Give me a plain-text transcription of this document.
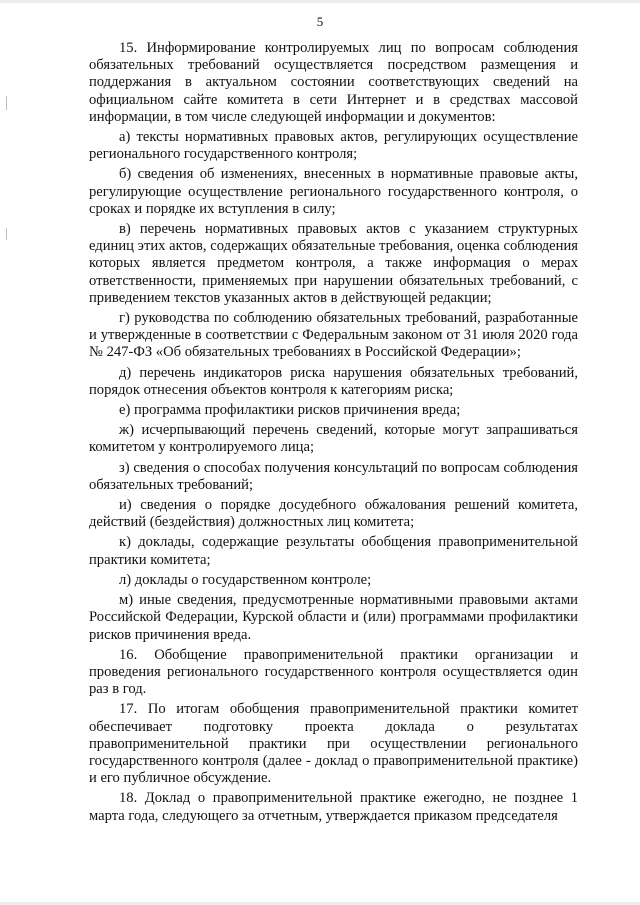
5

15. Информирование контролируемых лиц по вопросам соблюдения обязательных требований осуществляется посредством размещения и поддержания в актуальном состоянии соответствующих сведений на официальном сайте комитета в сети Интернет и в средствах массовой информации, в том числе следующей информации и документов:

а) тексты нормативных правовых актов, регулирующих осуществление регионального государственного контроля;

б) сведения об изменениях, внесенных в нормативные правовые акты, регулирующие осуществление регионального государственного контроля, о сроках и порядке их вступления в силу;

в) перечень нормативных правовых актов с указанием структурных единиц этих актов, содержащих обязательные требования, оценка соблюдения которых является предметом контроля, а также информация о мерах ответственности, применяемых при нарушении обязательных требований, с приведением текстов указанных актов в действующей редакции;

г) руководства по соблюдению обязательных требований, разработанные и утвержденные в соответствии с Федеральным законом от 31 июля 2020 года № 247-ФЗ «Об обязательных требованиях в Российской Федерации»;

д) перечень индикаторов риска нарушения обязательных требований, порядок отнесения объектов контроля к категориям риска;

е) программа профилактики рисков причинения вреда;

ж) исчерпывающий перечень сведений, которые могут запрашиваться комитетом у контролируемого лица;

з) сведения о способах получения консультаций по вопросам соблюдения обязательных требований;

и) сведения о порядке досудебного обжалования решений комитета, действий (бездействия) должностных лиц комитета;

к) доклады, содержащие результаты обобщения правоприменительной практики комитета;

л) доклады о государственном контроле;

м) иные сведения, предусмотренные нормативными правовыми актами Российской Федерации, Курской области и (или) программами профилактики рисков причинения вреда.

16. Обобщение правоприменительной практики организации и проведения регионального государственного контроля осуществляется один раз в год.

17. По итогам обобщения правоприменительной практики комитет обеспечивает подготовку проекта доклада о результатах правоприменительной практики при осуществлении регионального государственного контроля (далее - доклад о правоприменительной практике) и его публичное обсуждение.

18. Доклад о правоприменительной практике ежегодно, не позднее 1 марта года, следующего за отчетным, утверждается приказом председателя
